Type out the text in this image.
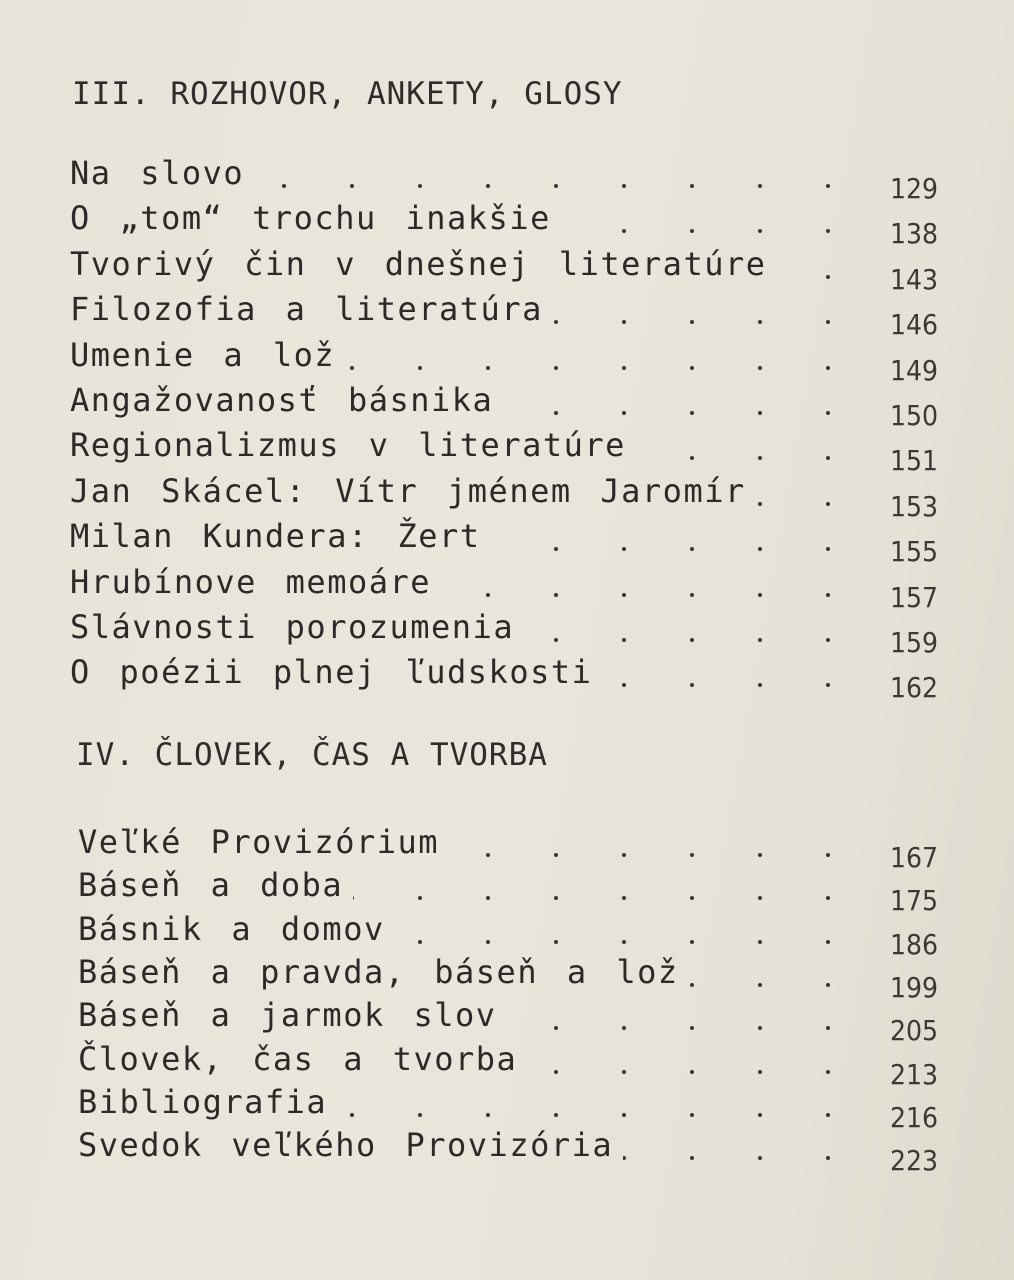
III. ROZHOVOR, ANKETY, GLOSY
Na slovo	129
O „tom“ trochu inakšie	138
Tvorivý čin v dnešnej literatúre	143
Filozofia a literatúra	146
Umenie a lož	149
Angažovanosť básnika	150
Regionalizmus v literatúre	151
Jan Skácel: Vítr jménem Jaromír	153
Milan Kundera: Žert	155
Hrubínove memoáre	157
Slávnosti porozumenia	159
O poézii plnej ľudskosti	162
IV. ČLOVEK, ČAS A TVORBA
Veľké Provizórium	167
Báseň a doba	175
Básnik a domov	186
Báseň a pravda, báseň a lož	199
Báseň a jarmok slov	205
Človek, čas a tvorba	213
Bibliografia	216
Svedok veľkého Provizória	223
